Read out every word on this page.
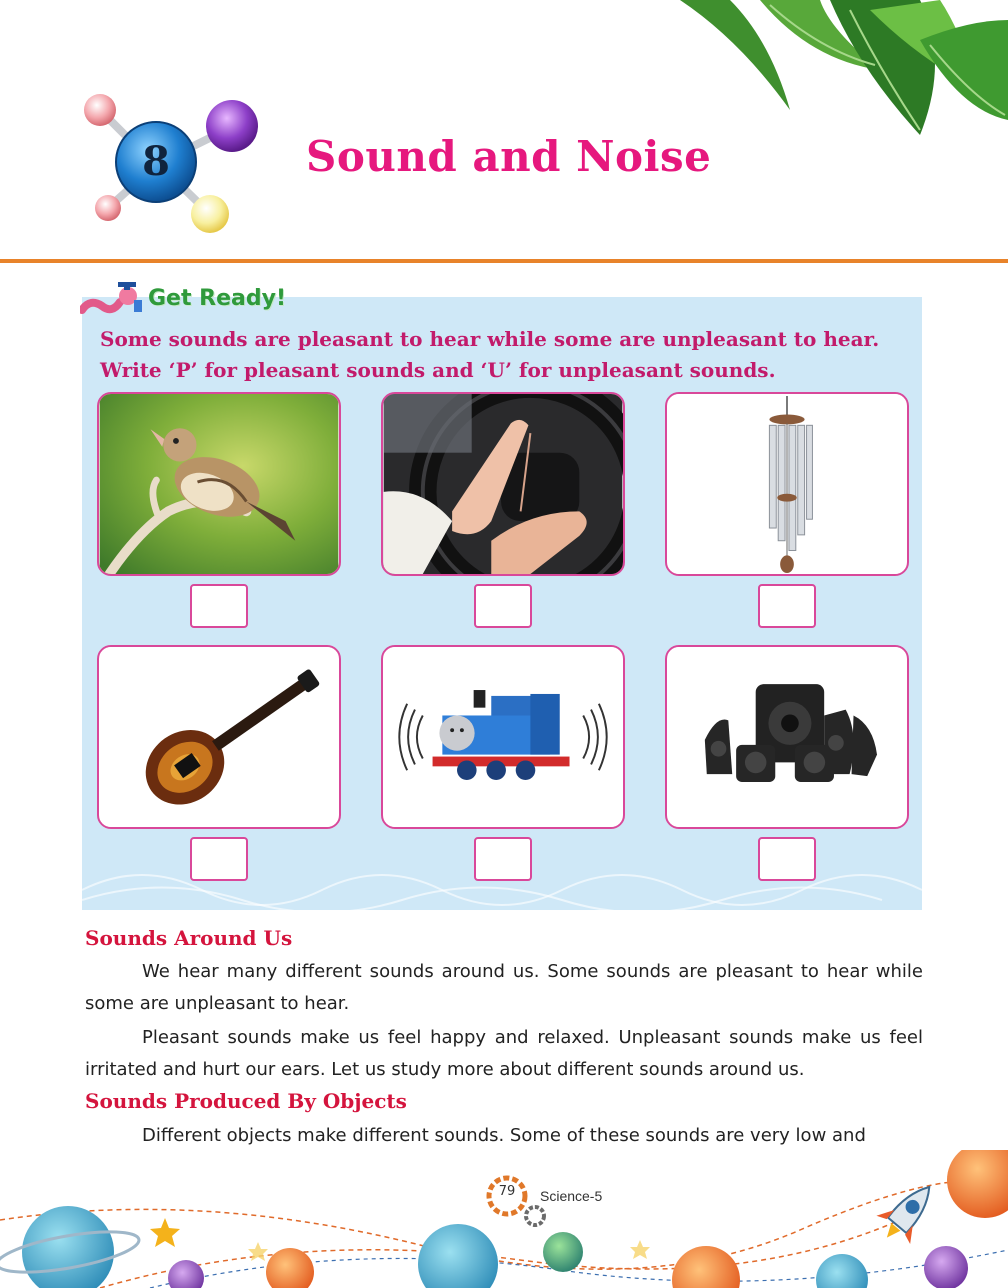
8	Sound and Noise
Get Ready!

Some sounds are pleasant to hear while some are unpleasant to hear. Write ‘P’ for pleasant sounds and ‘U’ for unpleasant sounds.

Sounds Around Us

We hear many different sounds around us. Some sounds are pleasant to hear while some are unpleasant to hear.

Pleasant sounds make us feel happy and relaxed. Unpleasant sounds make us feel irritated and hurt our ears. Let us study more about different sounds around us.

Sounds Produced By Objects

Different objects make different sounds. Some of these sounds are very low and

79	Science-5
